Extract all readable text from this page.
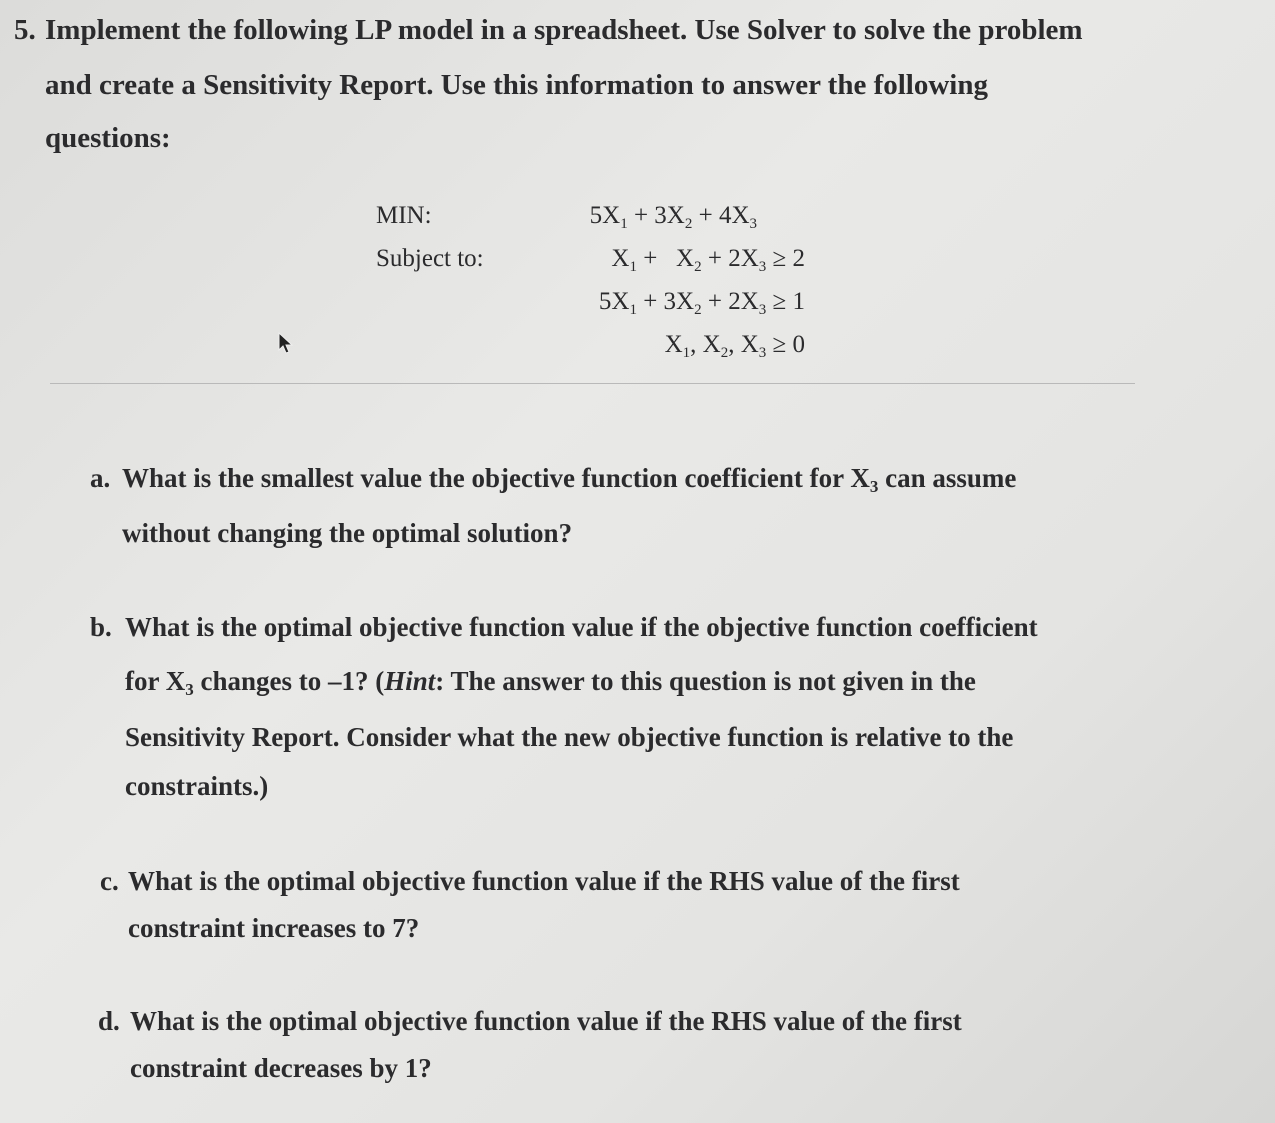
5. Implement the following LP model in a spreadsheet. Use Solver to solve the problem
and create a Sensitivity Report. Use this information to answer the following
questions:
MIN:
Subject to:
$5X_1 + 3X_2 + 4X_3$
$X_1 + X_2 + 2X_3 \ge 2$
$5X_1 + 3X_2 + 2X_3 \ge 1$
$X_1$, $X_2$, $X_3 \ge 0$
a. What is the smallest value the objective function coefficient for $X_3$ can assume
without changing the optimal solution?
b. What is the optimal objective function value if the objective function coefficient
for $X_3$ changes to –1? (Hint: The answer to this question is not given in the
Sensitivity Report. Consider what the new objective function is relative to the
constraints.)
c. What is the optimal objective function value if the RHS value of the first
constraint increases to 7?
d. What is the optimal objective function value if the RHS value of the first
constraint decreases by 1?
